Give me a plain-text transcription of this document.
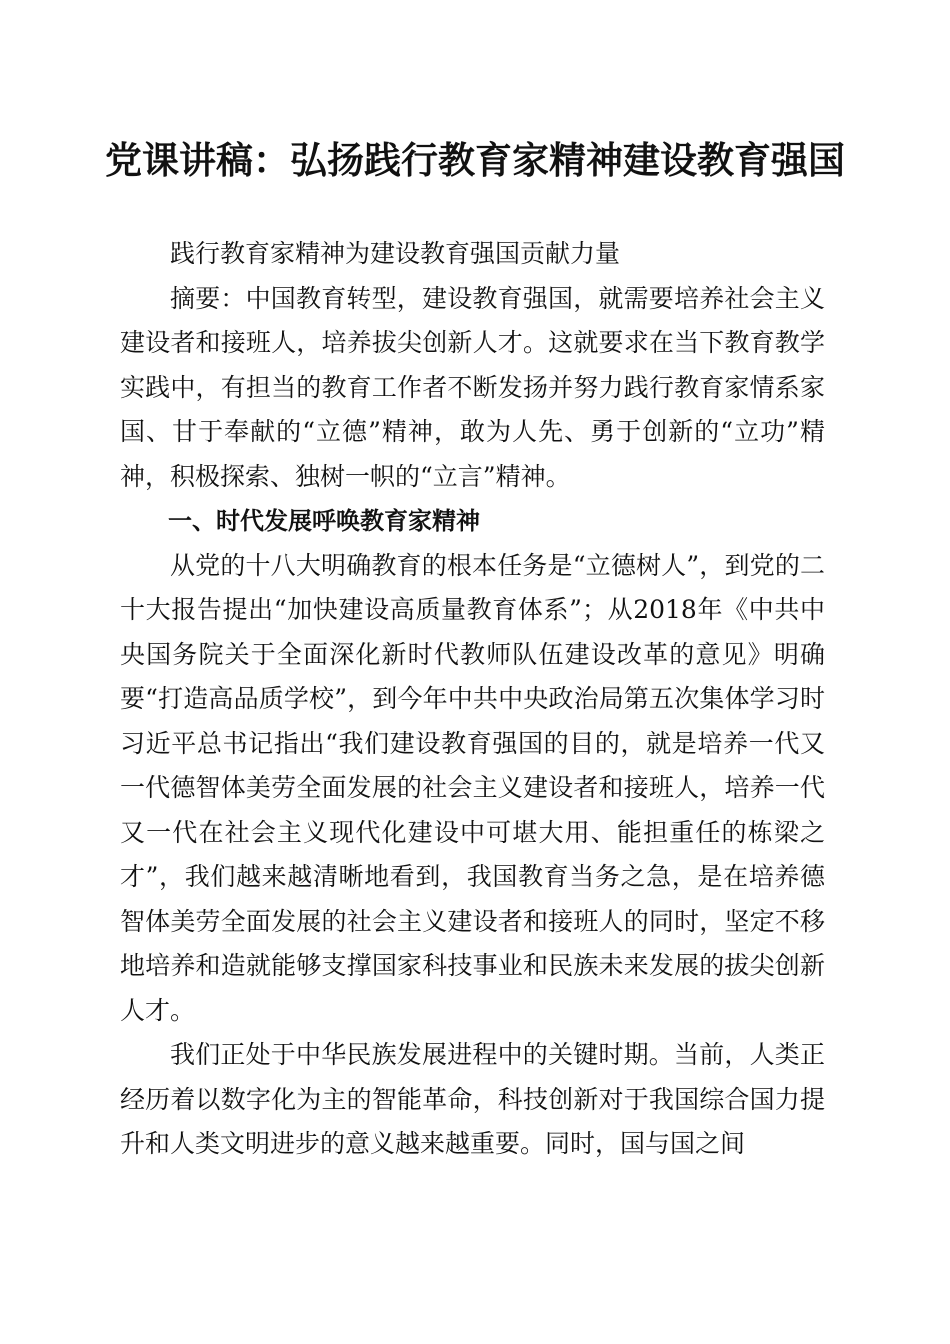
党课讲稿：弘扬践行教育家精神建设教育强国

践行教育家精神为建设教育强国贡献力量

摘要：中国教育转型，建设教育强国，就需要培养社会主义建设者和接班人，培养拔尖创新人才。这就要求在当下教育教学实践中，有担当的教育工作者不断发扬并努力践行教育家情系家国、甘于奉献的“立德”精神，敢为人先、勇于创新的“立功”精神，积极探索、独树一帜的“立言”精神。

一、时代发展呼唤教育家精神

从党的十八大明确教育的根本任务是“立德树人”，到党的二十大报告提出“加快建设高质量教育体系”；从2018年《中共中央国务院关于全面深化新时代教师队伍建设改革的意见》明确要“打造高品质学校”，到今年中共中央政治局第五次集体学习时习近平总书记指出“我们建设教育强国的目的，就是培养一代又一代德智体美劳全面发展的社会主义建设者和接班人，培养一代又一代在社会主义现代化建设中可堪大用、能担重任的栋梁之才”，我们越来越清晰地看到，我国教育当务之急，是在培养德智体美劳全面发展的社会主义建设者和接班人的同时，坚定不移地培养和造就能够支撑国家科技事业和民族未来发展的拔尖创新人才。

我们正处于中华民族发展进程中的关键时期。当前，人类正经历着以数字化为主的智能革命，科技创新对于我国综合国力提升和人类文明进步的意义越来越重要。同时，国与国之间
